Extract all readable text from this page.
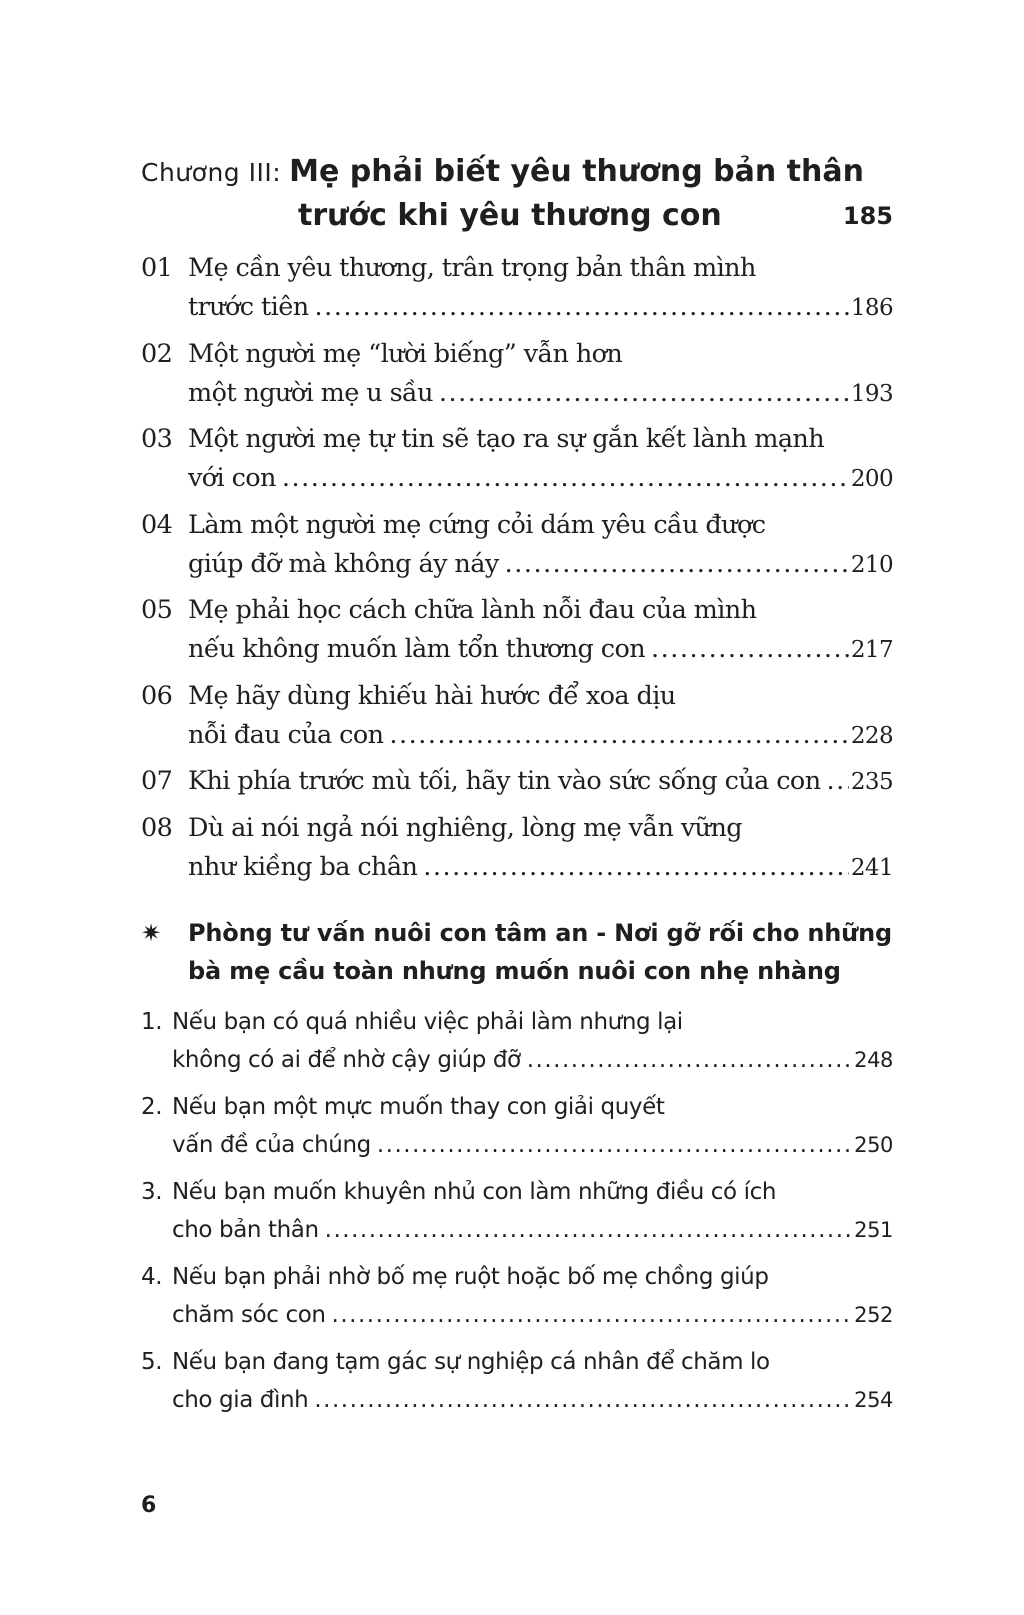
Chương III: Mẹ phải biết yêu thương bản thân
trước khi yêu thương con	185
01 Mẹ cần yêu thương, trân trọng bản thân mình
trước tiên .....	186
02 Một người mẹ “lười biếng” vẫn hơn
một người mẹ u sầu .....	193
03 Một người mẹ tự tin sẽ tạo ra sự gắn kết lành mạnh
với con .....	200
04 Làm một người mẹ cứng cỏi dám yêu cầu được
giúp đỡ mà không áy náy .....	210
05 Mẹ phải học cách chữa lành nỗi đau của mình
nếu không muốn làm tổn thương con .....	217
06 Mẹ hãy dùng khiếu hài hước để xoa dịu
nỗi đau của con .....	228
07 Khi phía trước mù tối, hãy tin vào sức sống của con ..... 235
08 Dù ai nói ngả nói nghiêng, lòng mẹ vẫn vững
như kiềng ba chân .....	241
✷ Phòng tư vấn nuôi con tâm an - Nơi gỡ rối cho những
bà mẹ cầu toàn nhưng muốn nuôi con nhẹ nhàng
1. Nếu bạn có quá nhiều việc phải làm nhưng lại
không có ai để nhờ cậy giúp đỡ .....	248
2. Nếu bạn một mực muốn thay con giải quyết
vấn đề của chúng .....	250
3. Nếu bạn muốn khuyên nhủ con làm những điều có ích
cho bản thân .....	251
4. Nếu bạn phải nhờ bố mẹ ruột hoặc bố mẹ chồng giúp
chăm sóc con .....	252
5. Nếu bạn đang tạm gác sự nghiệp cá nhân để chăm lo
cho gia đình .....	254
6
